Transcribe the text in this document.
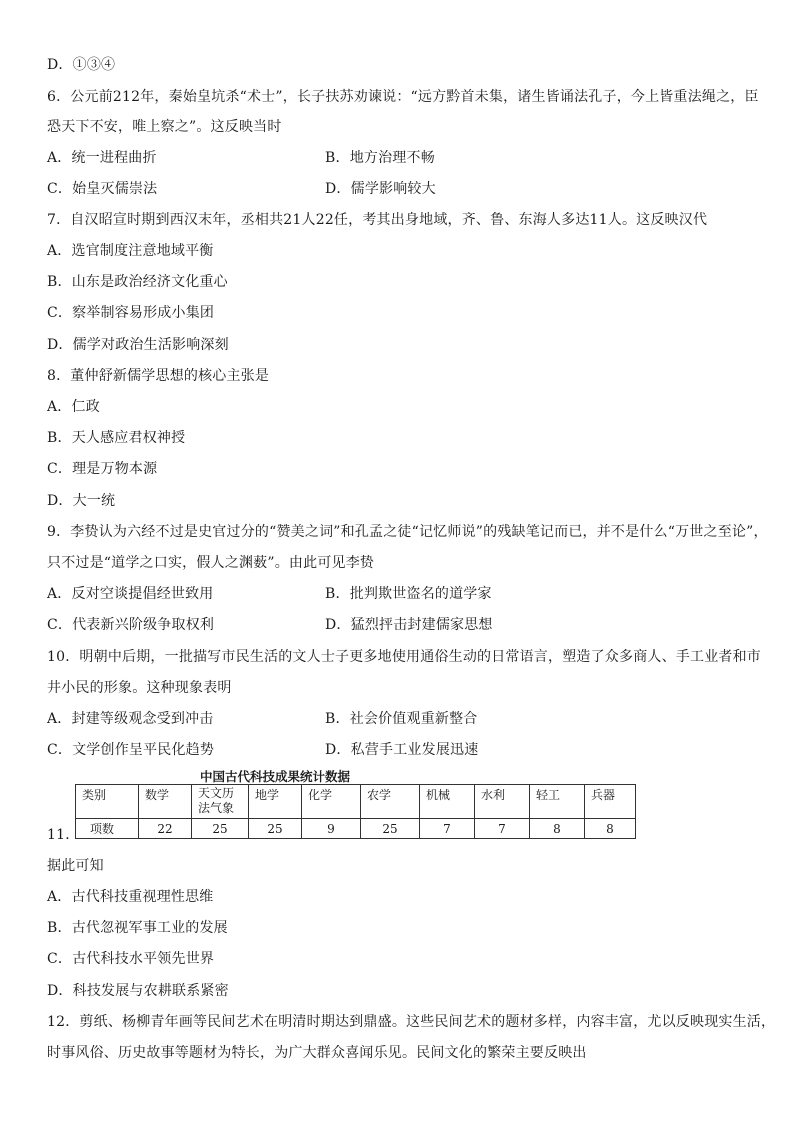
D．①③④
6．公元前212年，秦始皇坑杀“术士”，长子扶苏劝谏说：“远方黔首未集，诸生皆诵法孔子，今上皆重法绳之，臣
恐天下不安，唯上察之”。这反映当时
A．统一进程曲折	B．地方治理不畅
C．始皇灭儒崇法	D．儒学影响较大
7．自汉昭宣时期到西汉末年，丞相共21人22任，考其出身地域，齐、鲁、东海人多达11人。这反映汉代
A．选官制度注意地域平衡
B．山东是政治经济文化重心
C．察举制容易形成小集团
D．儒学对政治生活影响深刻
8．董仲舒新儒学思想的核心主张是
A．仁政
B．天人感应君权神授
C．理是万物本源
D．大一统
9．李贽认为六经不过是史官过分的“赞美之词”和孔孟之徒“记忆师说”的残缺笔记而已，并不是什么“万世之至论”，
只不过是“道学之口实，假人之渊薮”。由此可见李贽
A．反对空谈提倡经世致用	B．批判欺世盗名的道学家
C．代表新兴阶级争取权利	D．猛烈抨击封建儒家思想
10．明朝中后期，一批描写市民生活的文人士子更多地使用通俗生动的日常语言，塑造了众多商人、手工业者和市
井小民的形象。这种现象表明
A．封建等级观念受到冲击	B．社会价值观重新整合
C．文学创作呈平民化趋势	D．私营手工业发展迅速
中国古代科技成果统计数据
类别	数学	天文历法气象	地学	化学	农学	机械	水利	轻工	兵器
项数	22	25	25	9	25	7	7	8	8
11．
据此可知
A．古代科技重视理性思维
B．古代忽视军事工业的发展
C．古代科技水平领先世界
D．科技发展与农耕联系紧密
12．剪纸、杨柳青年画等民间艺术在明清时期达到鼎盛。这些民间艺术的题材多样，内容丰富，尤以反映现实生活，
时事风俗、历史故事等题材为特长，为广大群众喜闻乐见。民间文化的繁荣主要反映出
